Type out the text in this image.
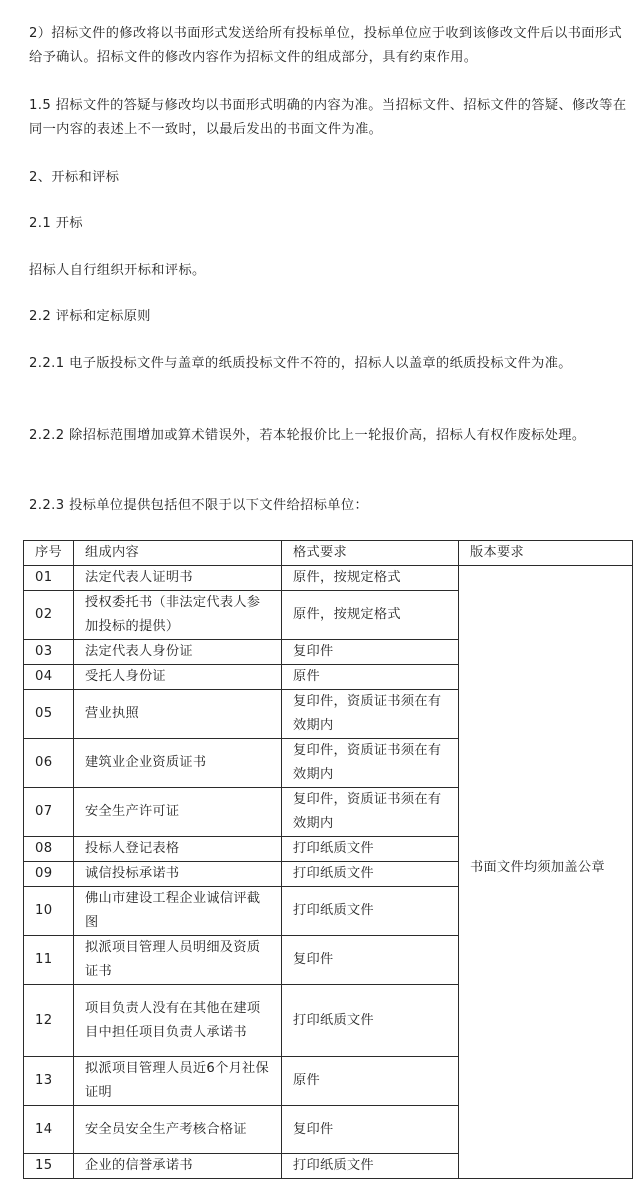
2）招标文件的修改将以书面形式发送给所有投标单位，投标单位应于收到该修改文件后以书面形式给予确认。招标文件的修改内容作为招标文件的组成部分，具有约束作用。

1.5 招标文件的答疑与修改均以书面形式明确的内容为准。当招标文件、招标文件的答疑、修改等在同一内容的表述上不一致时，以最后发出的书面文件为准。

2、开标和评标

2.1 开标

招标人自行组织开标和评标。

2.2 评标和定标原则

2.2.1 电子版投标文件与盖章的纸质投标文件不符的，招标人以盖章的纸质投标文件为准。

2.2.2 除招标范围增加或算术错误外，若本轮报价比上一轮报价高，招标人有权作废标处理。

2.2.3 投标单位提供包括但不限于以下文件给招标单位：

序号	组成内容	格式要求	版本要求
01	法定代表人证明书	原件，按规定格式	书面文件均须加盖公章
02	授权委托书（非法定代表人参加投标的提供）	原件，按规定格式	
03	法定代表人身份证	复印件	
04	受托人身份证	原件	
05	营业执照	复印件，资质证书须在有效期内	
06	建筑业企业资质证书	复印件，资质证书须在有效期内	
07	安全生产许可证	复印件，资质证书须在有效期内	
08	投标人登记表格	打印纸质文件	
09	诚信投标承诺书	打印纸质文件	
10	佛山市建设工程企业诚信评截图	打印纸质文件	
11	拟派项目管理人员明细及资质证书	复印件	
12	项目负责人没有在其他在建项目中担任项目负责人承诺书	打印纸质文件	
13	拟派项目管理人员近6个月社保证明	原件	
14	安全员安全生产考核合格证	复印件	
15	企业的信誉承诺书	打印纸质文件	
